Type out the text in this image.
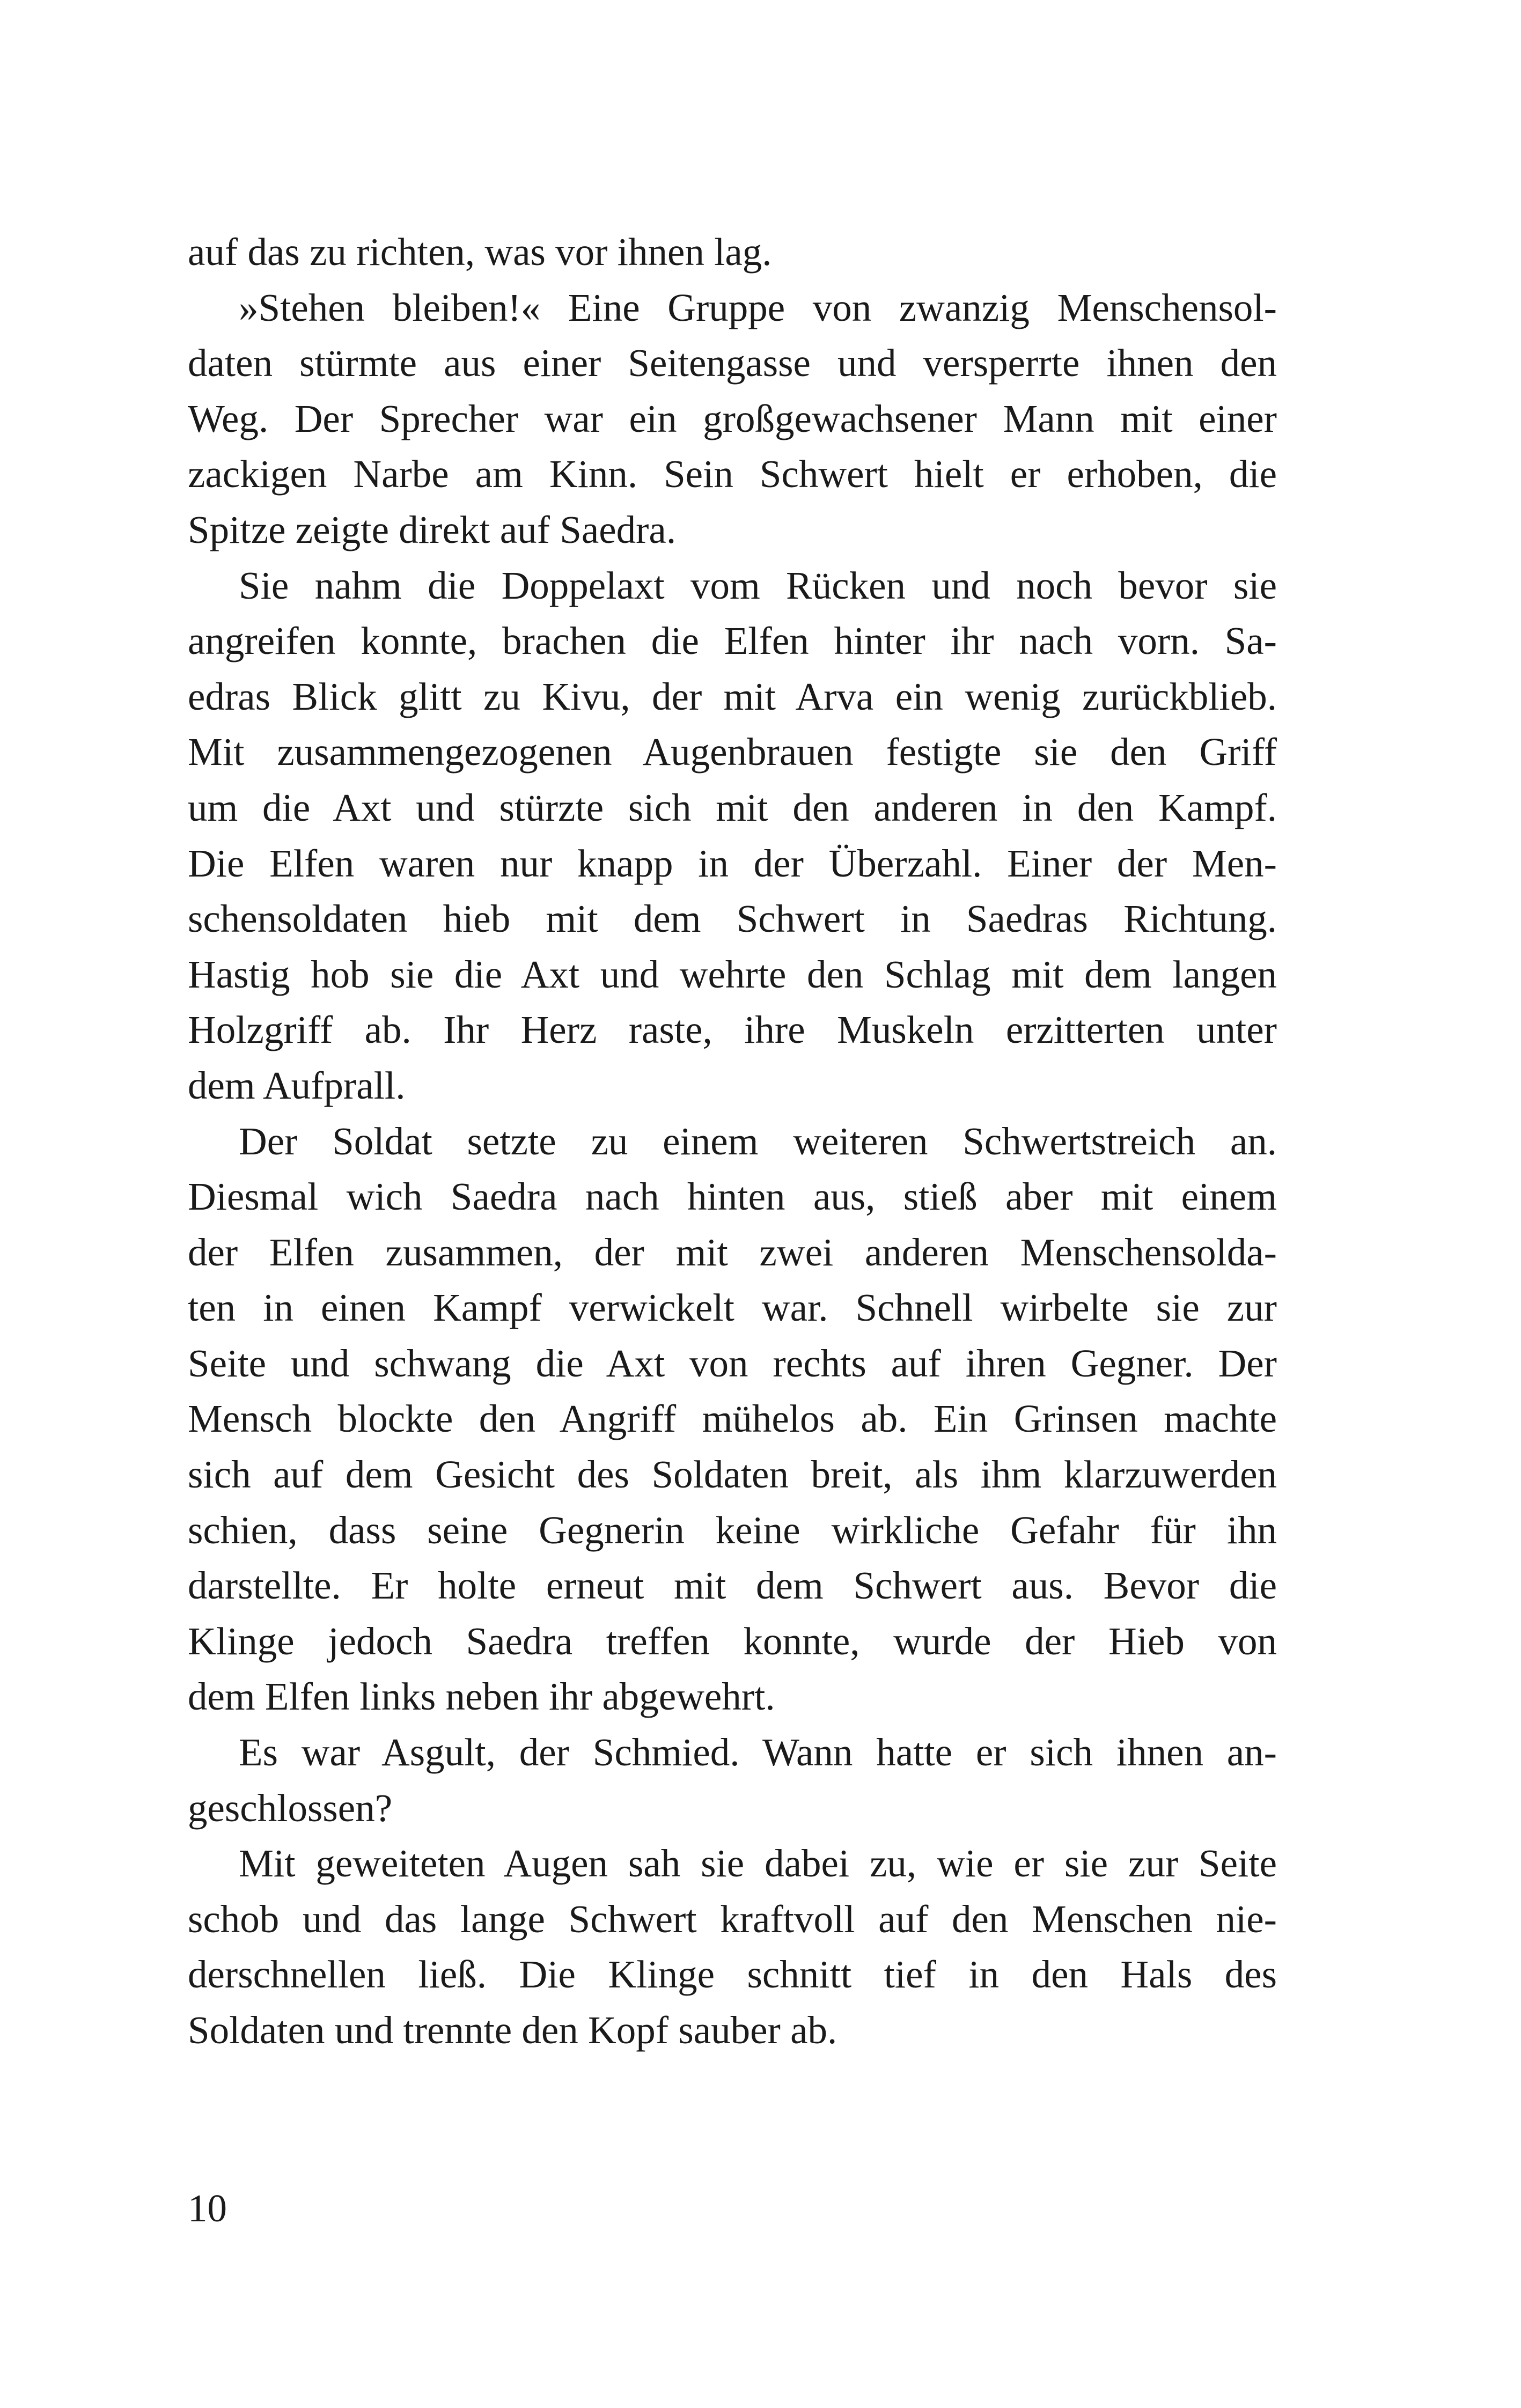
auf das zu richten, was vor ihnen lag.
»Stehen bleiben!« Eine Gruppe von zwanzig Menschensol-
daten stürmte aus einer Seitengasse und versperrte ihnen den
Weg. Der Sprecher war ein großgewachsener Mann mit einer
zackigen Narbe am Kinn. Sein Schwert hielt er erhoben, die
Spitze zeigte direkt auf Saedra.
Sie nahm die Doppelaxt vom Rücken und noch bevor sie
angreifen konnte, brachen die Elfen hinter ihr nach vorn. Sa-
edras Blick glitt zu Kivu, der mit Arva ein wenig zurückblieb.
Mit zusammengezogenen Augenbrauen festigte sie den Griff
um die Axt und stürzte sich mit den anderen in den Kampf.
Die Elfen waren nur knapp in der Überzahl. Einer der Men-
schensoldaten hieb mit dem Schwert in Saedras Richtung.
Hastig hob sie die Axt und wehrte den Schlag mit dem langen
Holzgriff ab. Ihr Herz raste, ihre Muskeln erzitterten unter
dem Aufprall.
Der Soldat setzte zu einem weiteren Schwertstreich an.
Diesmal wich Saedra nach hinten aus, stieß aber mit einem
der Elfen zusammen, der mit zwei anderen Menschensolda-
ten in einen Kampf verwickelt war. Schnell wirbelte sie zur
Seite und schwang die Axt von rechts auf ihren Gegner. Der
Mensch blockte den Angriff mühelos ab. Ein Grinsen machte
sich auf dem Gesicht des Soldaten breit, als ihm klarzuwerden
schien, dass seine Gegnerin keine wirkliche Gefahr für ihn
darstellte. Er holte erneut mit dem Schwert aus. Bevor die
Klinge jedoch Saedra treffen konnte, wurde der Hieb von
dem Elfen links neben ihr abgewehrt.
Es war Asgult, der Schmied. Wann hatte er sich ihnen an-
geschlossen?
Mit geweiteten Augen sah sie dabei zu, wie er sie zur Seite
schob und das lange Schwert kraftvoll auf den Menschen nie-
derschnellen ließ. Die Klinge schnitt tief in den Hals des
Soldaten und trennte den Kopf sauber ab.
10
